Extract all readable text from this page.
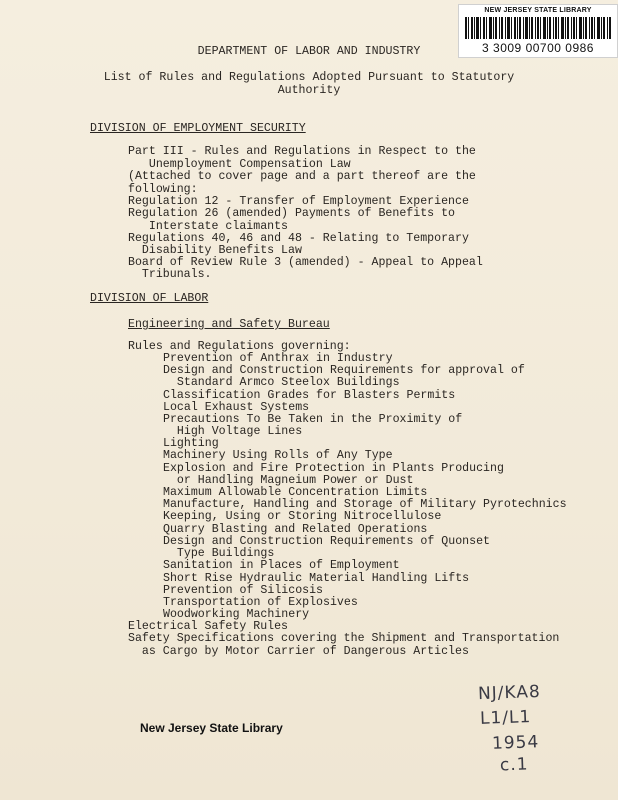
NEW JERSEY STATE LIBRARY
3 3009 00700 0986
DEPARTMENT OF LABOR AND INDUSTRY
List of Rules and Regulations Adopted Pursuant to Statutory
Authority
DIVISION OF EMPLOYMENT SECURITY
Part III - Rules and Regulations in Respect to the
Unemployment Compensation Law
(Attached to cover page and a part thereof are the
following:
Regulation 12 - Transfer of Employment Experience
Regulation 26 (amended) Payments of Benefits to
Interstate claimants
Regulations 40, 46 and 48 - Relating to Temporary
Disability Benefits Law
Board of Review Rule 3 (amended) - Appeal to Appeal
Tribunals.
DIVISION OF LABOR
Engineering and Safety Bureau
Rules and Regulations governing:
Prevention of Anthrax in Industry
Design and Construction Requirements for approval of
Standard Armco Steelox Buildings
Classification Grades for Blasters Permits
Local Exhaust Systems
Precautions To Be Taken in the Proximity of
High Voltage Lines
Lighting
Machinery Using Rolls of Any Type
Explosion and Fire Protection in Plants Producing
or Handling Magneium Power or Dust
Maximum Allowable Concentration Limits
Manufacture, Handling and Storage of Military Pyrotechnics
Keeping, Using or Storing Nitrocellulose
Quarry Blasting and Related Operations
Design and Construction Requirements of Quonset
Type Buildings
Sanitation in Places of Employment
Short Rise Hydraulic Material Handling Lifts
Prevention of Silicosis
Transportation of Explosives
Woodworking Machinery
Electrical Safety Rules
Safety Specifications covering the Shipment and Transportation
as Cargo by Motor Carrier of Dangerous Articles
New Jersey State Library
NJ/KA8
L1/L1
1954
c.1
